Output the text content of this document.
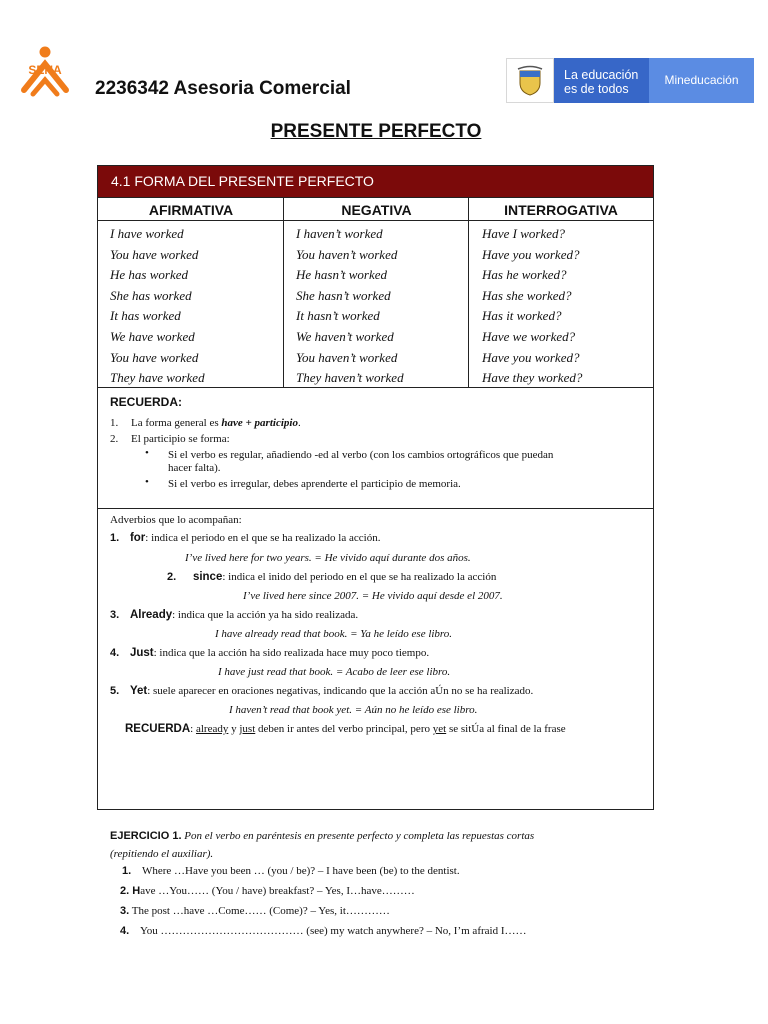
SENA
2236342 Asesoria Comercial
La educación
es de todos
Mineducación
PRESENTE PERFECTO
4.1 FORMA DEL PRESENTE PERFECTO
AFIRMATIVA	NEGATIVA	INTERROGATIVA
I have worked
You have worked
He has worked
She has worked
It has worked
We have worked
You have worked
They have worked
I haven’t worked
You haven’t worked
He hasn’t worked
She hasn’t worked
It hasn’t worked
We haven’t worked
You haven’t worked
They haven’t worked
Have I worked?
Have you worked?
Has he worked?
Has she worked?
Has it worked?
Have we worked?
Have you worked?
Have they worked?
RECUERDA:
1. La forma general es have + participio.
2. El participio se forma:
• Si el verbo es regular, añadiendo -ed al verbo (con los cambios ortográficos que puedan
hacer falta).
• Si el verbo es irregular, debes aprenderte el participio de memoria.
Adverbios que lo acompañan:
1. for: indica el periodo en el que se ha realizado la acción.
I’ve lived here for two years. = He vivido aquí durante dos años.
2. since: indica el inido del periodo en el que se ha realizado la acción
I’ve lived here since 2007. = He vivido aquí desde el 2007.
3. Already: indica que la acción ya ha sido realizada.
I have already read that book. = Ya he leído ese libro.
4. Just: indica que la acción ha sido realizada hace muy poco tiempo.
I have just read that book. = Acabo de leer ese libro.
5. Yet: suele aparecer en oraciones negativas, indicando que la acción aÚn no se ha realizado.
I haven’t read that book yet. = Aún no he leído ese libro.
RECUERDA: already y just deben ir antes del verbo principal, pero yet se sitÚa al final de la frase
EJERCICIO 1. Pon el verbo en paréntesis en presente perfecto y completa las repuestas cortas
(repitiendo el auxiliar).
1. Where …Have you been … (you / be)? – I have been (be) to the dentist.
2. Have …You…… (You / have) breakfast? – Yes, I…have………
3. The post …have …Come…… (Come)? – Yes, it…………
4. You ………………………………… (see) my watch anywhere? – No, I’m afraid I……
